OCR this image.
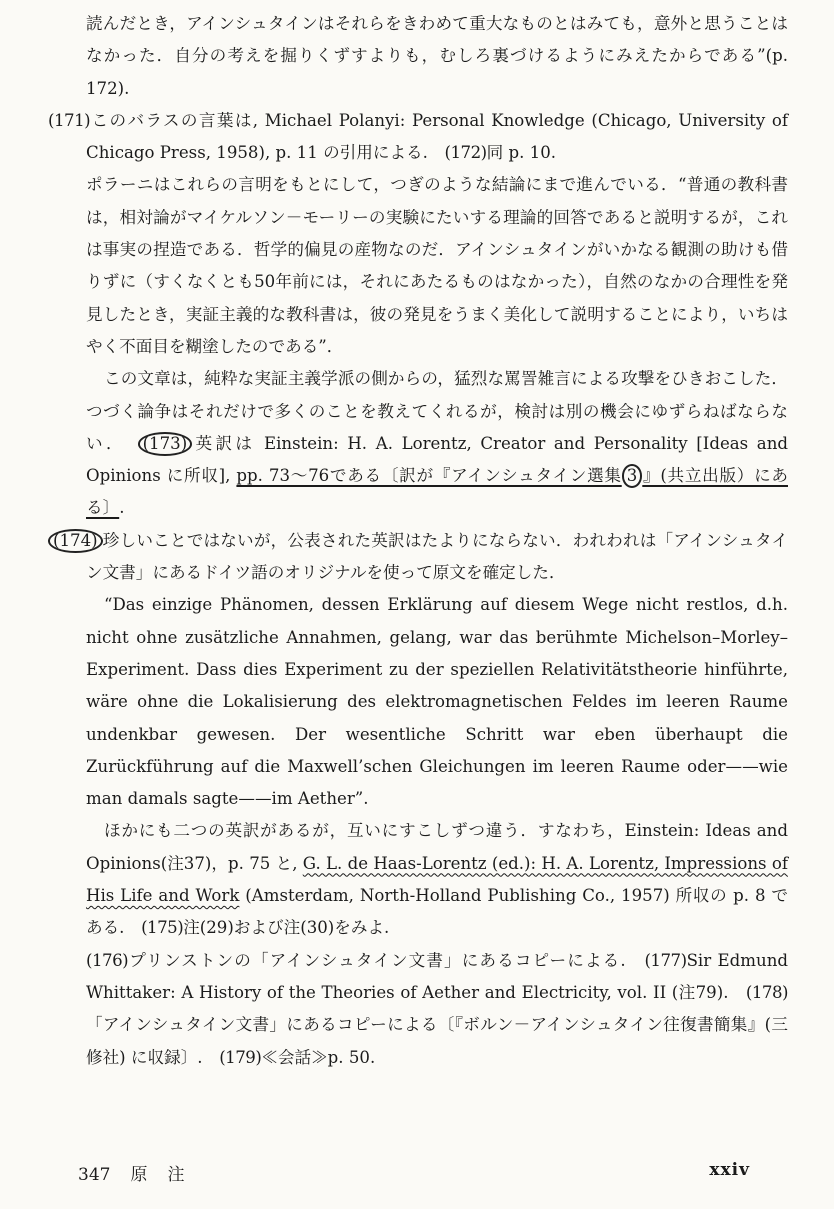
読んだとき，アインシュタインはそれらをきわめて重大なものとはみても，意外と思うことはなかった．自分の考えを掘りくずすよりも，むしろ裏づけるようにみえたからである”(p. 172).

(171)このバラスの言葉は, Michael Polanyi: Personal Knowledge (Chicago, University of Chicago Press, 1958), p. 11 の引用による.　 (172)同 p. 10.

ポラーニはこれらの言明をもとにして，つぎのような結論にまで進んでいる．“普通の教科書は，相対論がマイケルソン－モーリーの実験にたいする理論的回答であると説明するが，これは事実の捏造である．哲学的偏見の産物なのだ．アインシュタインがいかなる観測の助けも借りずに（すくなくとも50年前には，それにあたるものはなかった），自然のなかの合理性を発見したとき，実証主義的な教科書は，彼の発見をうまく美化して説明することにより，いちはやく不面目を糊塗したのである”．

この文章は，純粋な実証主義学派の側からの，猛烈な罵詈雑言による攻撃をひきおこした．つづく論争はそれだけで多くのことを教えてくれるが，検討は別の機会にゆずらねばならない．　 (173) 英訳は Einstein: H. A. Lorentz, Creator and Personality [Ideas and Opinions に所収], pp. 73〜76である〔訳が『アインシュタイン選集 3 』(共立出版）にある〕.

(174) 珍しいことではないが，公表された英訳はたよりにならない．われわれは「アインシュタイン文書」にあるドイツ語のオリジナルを使って原文を確定した．

“Das einzige Phänomen, dessen Erklärung auf diesem Wege nicht restlos, d.h. nicht ohne zusätzliche Annahmen, gelang, war das berühmte Michelson–Morley–Experiment. Dass dies Experiment zu der speziellen Relativitätstheorie hinführte, wäre ohne die Lokalisierung des elektromagnetischen Feldes im leeren Raume undenkbar gewesen. Der wesentliche Schritt war eben überhaupt die Zurückführung auf die Maxwell’schen Gleichungen im leeren Raume oder——wie man damals sagte——im Aether”.

ほかにも二つの英訳があるが，互いにすこしずつ違う．すなわち，Einstein: Ideas and Opinions(注37)，p. 75 と, G. L. de Haas-Lorentz (ed.): H. A. Lorentz, Impressions of His Life and Work (Amsterdam, North-Holland Publishing Co., 1957) 所収の p. 8 である.　 (175)注(29)および注(30)をみよ.

(176)プリンストンの「アインシュタイン文書」にあるコピーによる.　 (177)Sir Edmund Whittaker: A History of the Theories of Aether and Electricity, vol. II (注79).　 (178)「アインシュタイン文書」にあるコピーによる〔『ボルン－アインシュタイン往復書簡集』(三修社) に収録〕.　 (179)≪会話≫p. 50.

347 原 注	xxiv
